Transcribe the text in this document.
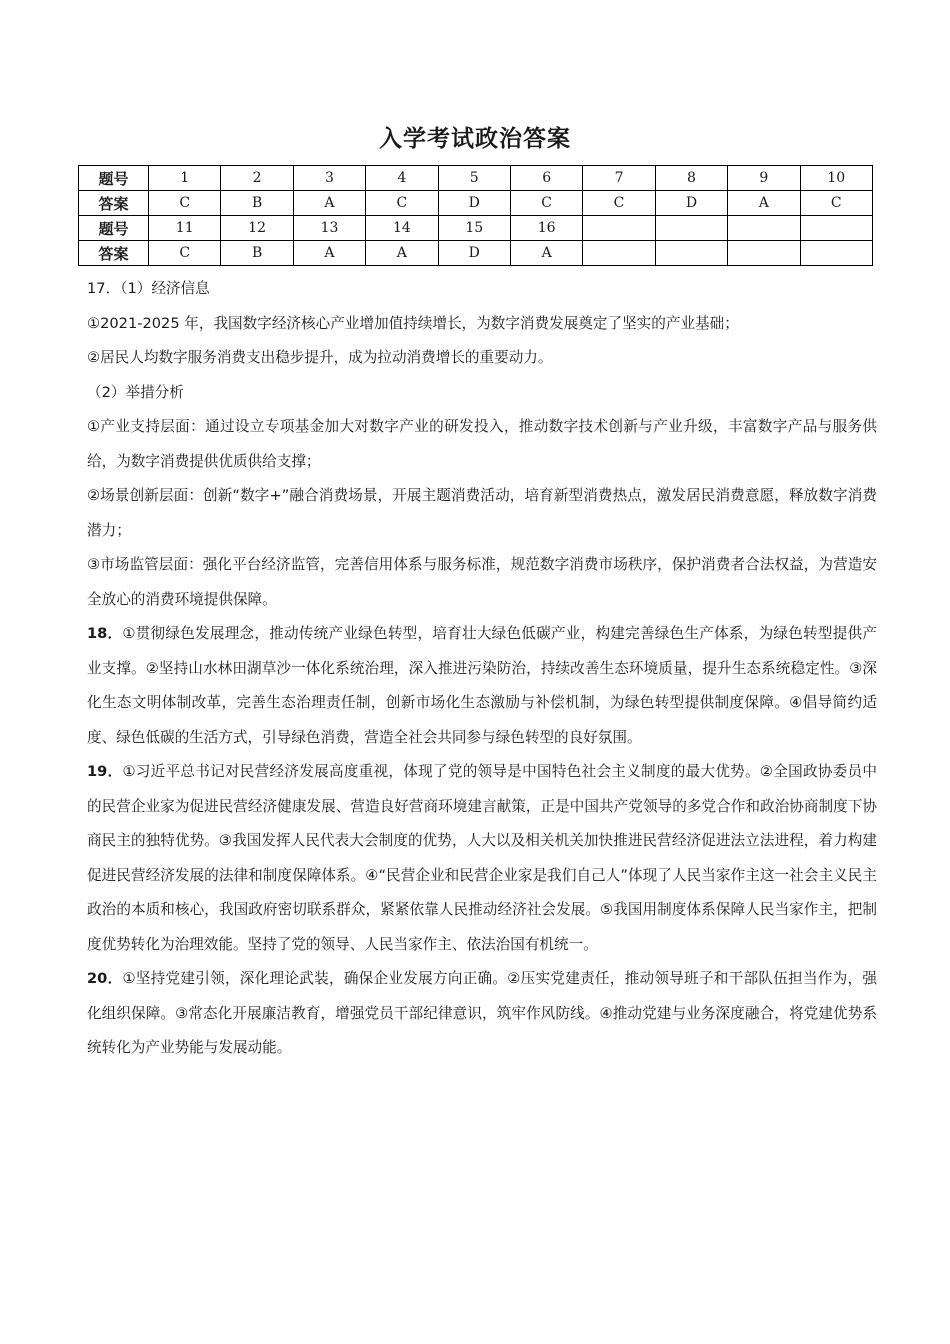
入学考试政治答案
题号	1	2	3	4	5	6	7	8	9	10
答案	C	B	A	C	D	C	C	D	A	C
题号	11	12	13	14	15	16				
答案	C	B	A	A	D	A				

17．（1）经济信息

①2021-2025 年，我国数字经济核心产业增加值持续增长，为数字消费发展奠定了坚实的产业基础；

②居民人均数字服务消费支出稳步提升，成为拉动消费增长的重要动力。

（2）举措分析

①产业支持层面：通过设立专项基金加大对数字产业的研发投入，推动数字技术创新与产业升级，丰富数字产品与服务供给，为数字消费提供优质供给支撑；

②场景创新层面：创新“数字+”融合消费场景，开展主题消费活动，培育新型消费热点，激发居民消费意愿，释放数字消费潜力；

③市场监管层面：强化平台经济监管，完善信用体系与服务标准，规范数字消费市场秩序，保护消费者合法权益，为营造安全放心的消费环境提供保障。

18．①贯彻绿色发展理念，推动传统产业绿色转型，培育壮大绿色低碳产业，构建完善绿色生产体系，为绿色转型提供产业支撑。②坚持山水林田湖草沙一体化系统治理，深入推进污染防治，持续改善生态环境质量，提升生态系统稳定性。③深化生态文明体制改革，完善生态治理责任制，创新市场化生态激励与补偿机制，为绿色转型提供制度保障。④倡导简约适度、绿色低碳的生活方式，引导绿色消费，营造全社会共同参与绿色转型的良好氛围。

19．①习近平总书记对民营经济发展高度重视，体现了党的领导是中国特色社会主义制度的最大优势。②全国政协委员中的民营企业家为促进民营经济健康发展、营造良好营商环境建言献策，正是中国共产党领导的多党合作和政治协商制度下协商民主的独特优势。③我国发挥人民代表大会制度的优势，人大以及相关机关加快推进民营经济促进法立法进程，着力构建促进民营经济发展的法律和制度保障体系。④“民营企业和民营企业家是我们自己人”体现了人民当家作主这一社会主义民主政治的本质和核心，我国政府密切联系群众，紧紧依靠人民推动经济社会发展。⑤我国用制度体系保障人民当家作主，把制度优势转化为治理效能。坚持了党的领导、人民当家作主、依法治国有机统一。

20．①坚持党建引领，深化理论武装，确保企业发展方向正确。②压实党建责任，推动领导班子和干部队伍担当作为，强化组织保障。③常态化开展廉洁教育，增强党员干部纪律意识，筑牢作风防线。④推动党建与业务深度融合，将党建优势系统转化为产业势能与发展动能。
